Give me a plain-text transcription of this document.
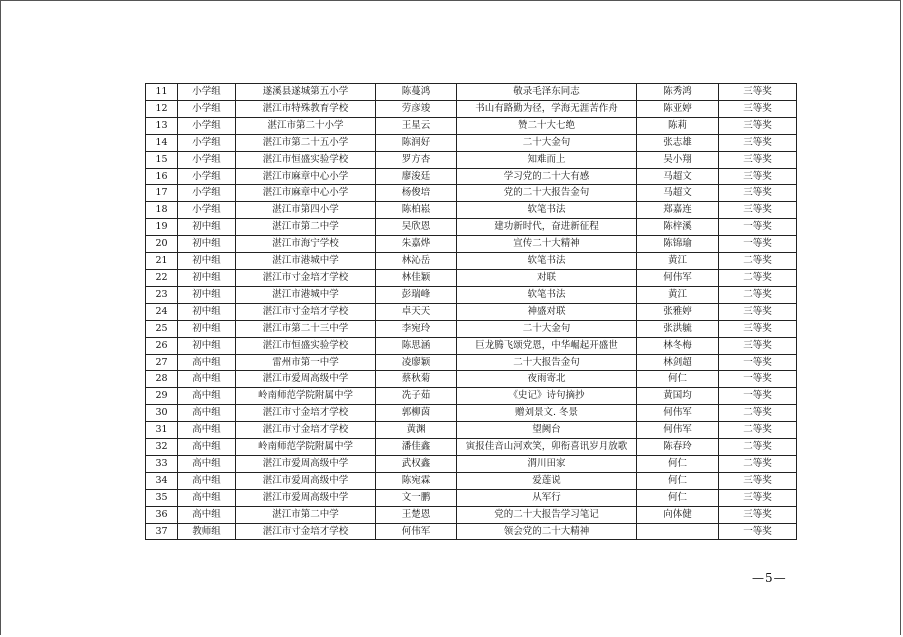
11	小学组	遂溪县遂城第五小学	陈蔓鸿	敬录毛泽东同志	陈秀鸿	三等奖
12	小学组	湛江市特殊教育学校	劳彦竣	书山有路勤为径，学海无涯苦作舟	陈亚婷	三等奖
13	小学组	湛江市第二十小学	王星云	赞二十大七绝	陈莉	三等奖
14	小学组	湛江市第二十五小学	陈润好	二十大金句	张志雄	三等奖
15	小学组	湛江市恒盛实验学校	罗方杏	知难而上	吴小翔	三等奖
16	小学组	湛江市麻章中心小学	廖浚廷	学习党的二十大有感	马超文	三等奖
17	小学组	湛江市麻章中心小学	杨俊培	党的二十大报告金句	马超文	三等奖
18	小学组	湛江市第四小学	陈柏崧	软笔书法	郑嘉连	三等奖
19	初中组	湛江市第二中学	吴欣恩	建功新时代，奋进新征程	陈梓溪	一等奖
20	初中组	湛江市海宁学校	朱嘉烨	宣传二十大精神	陈锦瑜	一等奖
21	初中组	湛江市港城中学	林沁岳	软笔书法	黄江	二等奖
22	初中组	湛江市寸金培才学校	林佳颖	对联	何伟军	二等奖
23	初中组	湛江市港城中学	彭瑞峰	软笔书法	黄江	二等奖
24	初中组	湛江市寸金培才学校	卓天天	神盛对联	张雅婷	三等奖
25	初中组	湛江市第二十三中学	李宛玲	二十大金句	张洪毓	三等奖
26	初中组	湛江市恒盛实验学校	陈思涵	巨龙腾飞颂党恩，中华崛起开盛世	林冬梅	三等奖
27	高中组	雷州市第一中学	凌廖颖	二十大报告金句	林剑超	一等奖
28	高中组	湛江市爱周高级中学	蔡秋菊	夜雨寄北	何仁	一等奖
29	高中组	岭南师范学院附属中学	冼子茹	《史记》诗句摘抄	黄国均	一等奖
30	高中组	湛江市寸金培才学校	郭柳茵	赠刘景文. 冬景	何伟军	二等奖
31	高中组	湛江市寸金培才学校	黄渊	望阙台	何伟军	二等奖
32	高中组	岭南师范学院附属中学	潘佳鑫	寅报佳音山河欢笑，卯衔喜讯岁月放歌	陈春玲	二等奖
33	高中组	湛江市爱周高级中学	武权鑫	渭川田家	何仁	二等奖
34	高中组	湛江市爱周高级中学	陈宛霖	爱莲说	何仁	三等奖
35	高中组	湛江市爱周高级中学	文一鹏	从军行	何仁	三等奖
36	高中组	湛江市第二中学	王楚恩	党的二十大报告学习笔记	向体健	三等奖
37	教师组	湛江市寸金培才学校	何伟军	领会党的二十大精神		一等奖
—5—
